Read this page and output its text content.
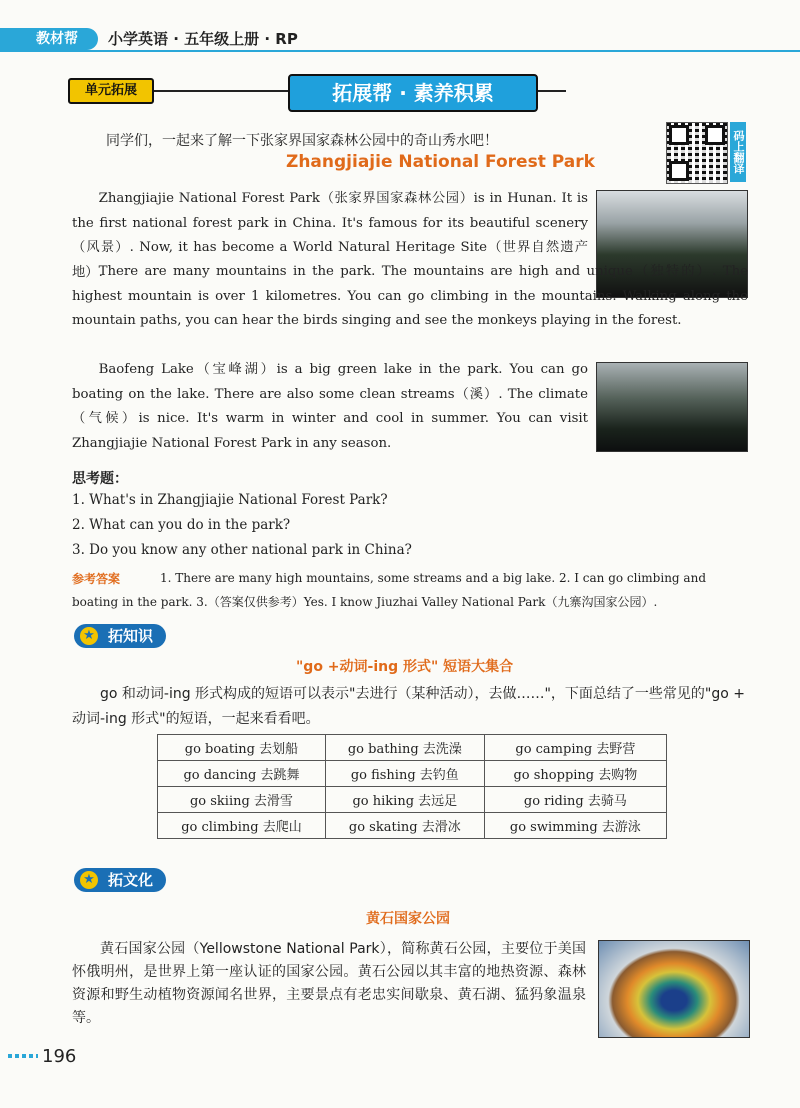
教材帮	小学英语 · 五年级上册 · RP
单元拓展	拓展帮 · 素养积累
码上翻译
同学们，一起来了解一下张家界国家森林公园中的奇山秀水吧！
Zhangjiajie National Forest Park

Zhangjiajie National Forest Park（张家界国家森林公园）is in Hunan. It is the first national forest park in China. It's famous for its beautiful scenery（风景）. Now, it has become a World Natural Heritage Site（世界自然遗产地）.

There are many mountains in the park. The mountains are high and unique（独特的）. The highest mountain is over 1 kilometres. You can go climbing in the mountains. Walking along the mountain paths, you can hear the birds singing and see the monkeys playing in the forest.

Baofeng Lake（宝峰湖）is a big green lake in the park. You can go boating on the lake. There are also some clean streams（溪）. The climate（气候）is nice. It's warm in winter and cool in summer. You can visit Zhangjiajie National Forest Park in any season.

思考题：
1. What's in Zhangjiajie National Forest Park?
2. What can you do in the park?
3. Do you know any other national park in China?
参考答案	1. There are many high mountains, some streams and a big lake. 2. I can go climbing and boating in the park. 3.（答案仅供参考）Yes. I know Jiuzhai Valley National Park（九寨沟国家公园）.
★ 拓知识
"go +动词-ing 形式" 短语大集合
go 和动词-ing 形式构成的短语可以表示"去进行（某种活动），去做……"，下面总结了一些常见的"go + 动词-ing 形式"的短语，一起来看看吧。
go boating 去划船	go bathing 去洗澡	go camping 去野营
go dancing 去跳舞	go fishing 去钓鱼	go shopping 去购物
go skiing 去滑雪	go hiking 去远足	go riding 去骑马
go climbing 去爬山	go skating 去滑冰	go swimming 去游泳
★ 拓文化
黄石国家公园
黄石国家公园（Yellowstone National Park），简称黄石公园，主要位于美国怀俄明州，是世界上第一座认证的国家公园。黄石公园以其丰富的地热资源、森林资源和野生动植物资源闻名世界，主要景点有老忠实间歇泉、黄石湖、猛犸象温泉等。
196
